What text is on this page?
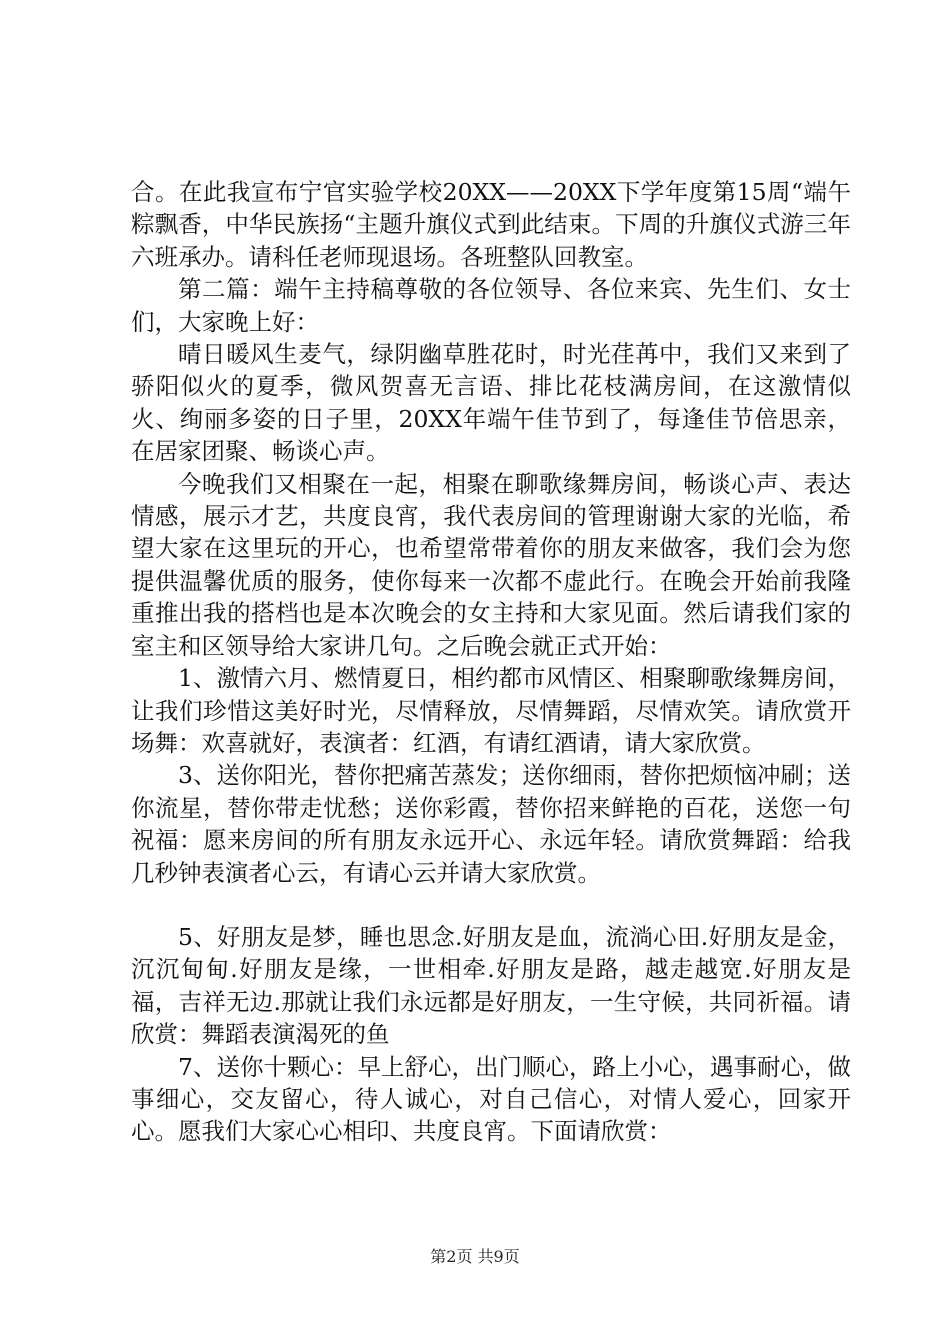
合。在此我宣布宁官实验学校20XX——20XX下学年度第15周“端午粽飘香，中华民族扬“主题升旗仪式到此结束。下周的升旗仪式游三年六班承办。请科任老师现退场。各班整队回教室。

第二篇：端午主持稿尊敬的各位领导、各位来宾、先生们、女士们，大家晚上好：

晴日暖风生麦气，绿阴幽草胜花时，时光荏苒中，我们又来到了骄阳似火的夏季，微风贺喜无言语、排比花枝满房间，在这激情似火、绚丽多姿的日子里，20XX年端午佳节到了，每逢佳节倍思亲，在居家团聚、畅谈心声。

今晚我们又相聚在一起，相聚在聊歌缘舞房间，畅谈心声、表达情感，展示才艺，共度良宵，我代表房间的管理谢谢大家的光临，希望大家在这里玩的开心，也希望常带着你的朋友来做客，我们会为您提供温馨优质的服务，使你每来一次都不虚此行。在晚会开始前我隆重推出我的搭档也是本次晚会的女主持和大家见面。然后请我们家的室主和区领导给大家讲几句。之后晚会就正式开始：

1、激情六月、燃情夏日，相约都市风情区、相聚聊歌缘舞房间，让我们珍惜这美好时光，尽情释放，尽情舞蹈，尽情欢笑。请欣赏开场舞：欢喜就好，表演者：红酒，有请红酒请，请大家欣赏。

3、送你阳光，替你把痛苦蒸发；送你细雨，替你把烦恼冲刷；送你流星，替你带走忧愁；送你彩霞，替你招来鲜艳的百花，送您一句祝福：愿来房间的所有朋友永远开心、永远年轻。请欣赏舞蹈：给我几秒钟表演者心云，有请心云并请大家欣赏。

5、好朋友是梦，睡也思念.好朋友是血，流淌心田.好朋友是金，沉沉甸甸.好朋友是缘，一世相牵.好朋友是路，越走越宽.好朋友是福，吉祥无边.那就让我们永远都是好朋友，一生守候，共同祈福。请欣赏：舞蹈表演渴死的鱼

7、送你十颗心：早上舒心，出门顺心，路上小心，遇事耐心，做事细心，交友留心，待人诚心，对自己信心，对情人爱心，回家开心。愿我们大家心心相印、共度良宵。下面请欣赏：

第2页 共9页
